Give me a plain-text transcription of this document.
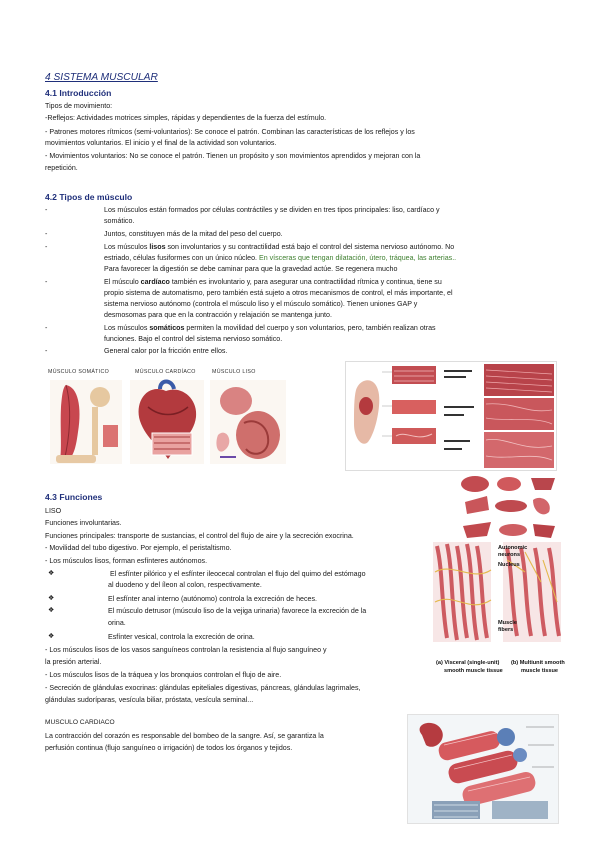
4 SISTEMA MUSCULAR
4.1 Introducción
Tipos de movimiento:
-Reflejos: Actividades motrices simples, rápidas y dependientes de la fuerza del estímulo.
- Patrones motores rítmicos (semi-voluntarios): Se conoce el patrón. Combinan las características de los reflejos y los
movimientos voluntarios. El inicio y el final de la actividad son voluntarios.
- Movimientos voluntarios: No se conoce el patrón. Tienen un propósito y son movimientos aprendidos y mejoran con la
repetición.
4.2 Tipos de músculo
-	Los músculos están formados por células contráctiles y se dividen en tres tipos principales: liso, cardíaco y
somático.
-	Juntos, constituyen más de la mitad del peso del cuerpo.
-	Los músculos lisos son involuntarios y su contractilidad está bajo el control del sistema nervioso autónomo. No
estriado, células fusiformes con un único núcleo. En vísceras que tengan dilatación, útero, tráquea, las arterias..
Para favorecer la digestión se debe caminar para que la gravedad actúe. Se regenera mucho
-	El músculo cardíaco también es involuntario y, para asegurar una contractilidad rítmica y continua, tiene su
propio sistema de automatismo, pero también está sujeto a otros mecanismos de control, el más importante, el
sistema nervioso autónomo (controla el músculo liso y el músculo somático). Tienen uniones GAP y
desmosomas para que en la contracción y relajación se mantenga junto.
-	Los músculos somáticos permiten la movilidad del cuerpo y son voluntarios, pero, también realizan otras
funciones. Bajo el control del sistema nervioso somático.
-	General calor por la fricción entre ellos.
MÚSCULO SOMÁTICO	MÚSCULO CARDÍACO	MÚSCULO LISO
Autonomic
neurons
Nucleus
Muscle
fibers
(a) Visceral (single-unit)
smooth muscle tissue
(b) Multiunit smooth
muscle tissue
4.3 Funciones
LISO
Funciones involuntarias.
Funciones principales: transporte de sustancias, el control del flujo de aire y la secreción exocrina.
- Movilidad del tubo digestivo. Por ejemplo, el peristaltismo.
- Los músculos lisos, forman esfínteres autónomos.
❖	El esfínter pilórico y el esfínter ileocecal controlan el flujo del quimo del estómago
al duodeno y del íleon al colon, respectivamente.
❖	El esfínter anal interno (autónomo) controla la excreción de heces.
❖	El músculo detrusor (músculo liso de la vejiga urinaria) favorece la excreción de la
orina.
❖	Esfínter vesical, controla la excreción de orina.
- Los músculos lisos de los vasos sanguíneos controlan la resistencia al flujo sanguíneo y
la presión arterial.
- Los músculos lisos de la tráquea y los bronquios controlan el flujo de aire.
- Secreción de glándulas exocrinas: glándulas epiteliales digestivas, páncreas, glándulas lagrimales,
glándulas sudoríparas, vesícula biliar, próstata, vesícula seminal...
MUSCULO CARDIACO
La contracción del corazón es responsable del bombeo de la sangre. Así, se garantiza la
perfusión continua (flujo sanguíneo o irrigación) de todos los órganos y tejidos.
